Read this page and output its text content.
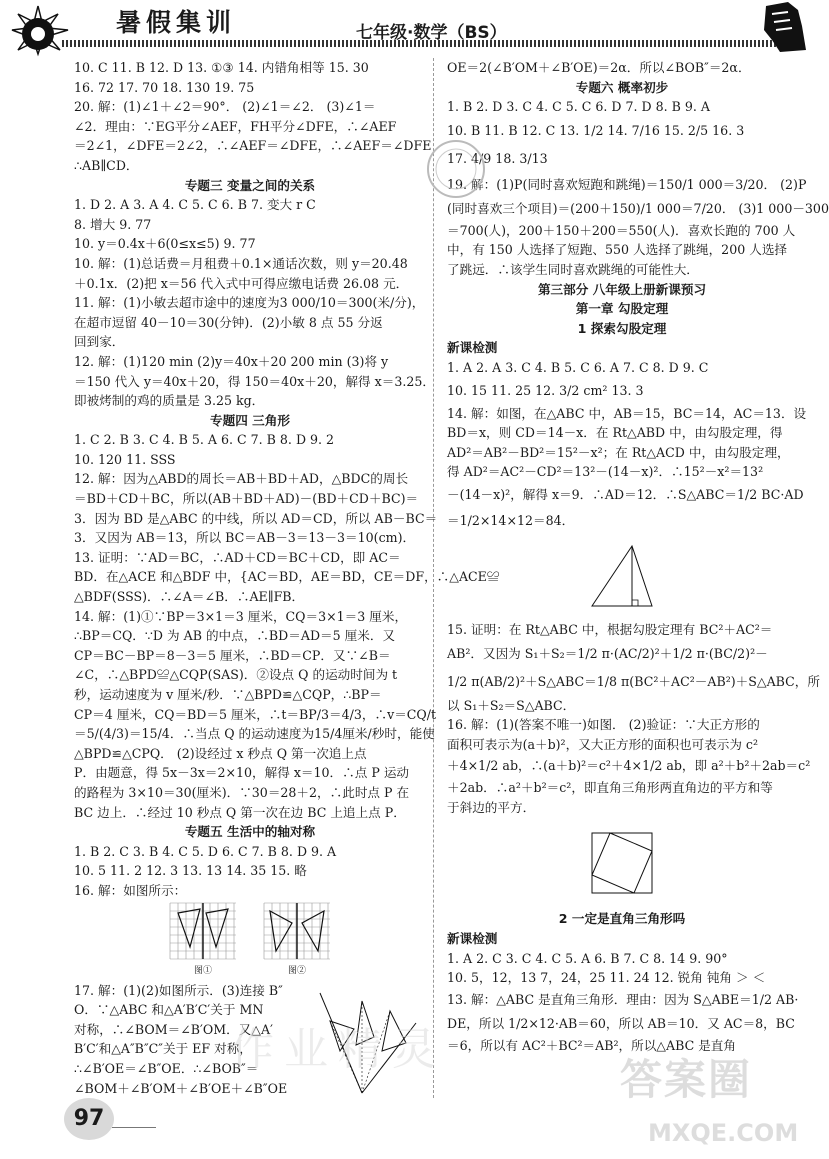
暑假集训	七年级·数学（BS）
10. C 11. B 12. D 13. ①③ 14. 内错角相等 15. 30
16. 72 17. 70 18. 130 19. 75
20. 解：(1)∠1＋∠2＝90°． (2)∠1＝∠2． (3)∠1＝
∠2．理由：∵EG平分∠AEF，FH平分∠DFE，∴∠AEF
＝2∠1，∠DFE＝2∠2，∴∠AEF＝∠DFE，∴∠AEF＝∠DFE
∴AB∥CD．
专题三 变量之间的关系
1. D 2. A 3. A 4. C 5. C 6. B 7. 变大 r C
8. 增大 9. 77
10. y＝0.4x＋6(0≤x≤5) 9. 77
10. 解：(1)总话费＝月租费＋0.1×通话次数，则 y＝20.48
＋0.1x．(2)把 x＝56 代入式中可得应缴电话费 26.08 元．
11. 解：(1)小敏去超市途中的速度为3 000/10＝300(米/分)，
在超市逗留 40－10＝30(分钟)．(2)小敏 8 点 55 分返
回到家．
12. 解：(1)120 min (2)y＝40x＋20 200 min (3)将 y
＝150 代入 y＝40x＋20，得 150＝40x＋20，解得 x＝3.25．
即被烤制的鸡的质量是 3.25 kg．
专题四 三角形
1. C 2. B 3. C 4. B 5. A 6. C 7. B 8. D 9. 2
10. 120 11. SSS
12. 解：因为△ABD的周长＝AB＋BD＋AD，△BDC的周长
＝BD＋CD＋BC，所以(AB＋BD＋AD)－(BD＋CD＋BC)＝
3．因为 BD 是△ABC 的中线，所以 AD＝CD，所以 AB－BC＝
3．又因为 AB＝13，所以 BC＝AB－3＝13－3＝10(cm)．
13. 证明：∵AD＝BC，∴AD＋CD＝BC＋CD，即 AC＝
BD．在△ACE 和△BDF 中，{AC＝BD，AE＝BD，CE＝DF，∴△ACE≌
△BDF(SSS)．∴∠A＝∠B．∴AE∥FB．
14. 解：(1)①∵BP＝3×1＝3 厘米，CQ＝3×1＝3 厘米，
∴BP＝CQ．∵D 为 AB 的中点，∴BD＝AD＝5 厘米．又
CP＝BC－BP＝8－3＝5 厘米，∴BD＝CP．又∵∠B＝
∠C，∴△BPD≌△CQP(SAS)．②设点 Q 的运动时间为 t
秒，运动速度为 v 厘米/秒．∵△BPD≌△CQP，∴BP＝
CP＝4 厘米，CQ＝BD＝5 厘米，∴t＝BP/3＝4/3，∴v＝CQ/t
＝5/(4/3)＝15/4．∴当点 Q 的运动速度为15/4厘米/秒时，能使
△BPD≌△CPQ． (2)设经过 x 秒点 Q 第一次追上点
P．由题意，得 5x－3x＝2×10，解得 x＝10．∴点 P 运动
的路程为 3×10＝30(厘米)．∵30＝28＋2，∴此时点 P 在
BC 边上．∴经过 10 秒点 Q 第一次在边 BC 上追上点 P．
专题五 生活中的轴对称
1. B 2. C 3. B 4. C 5. D 6. C 7. B 8. D 9. A
10. 5 11. 2 12. 3 13. 13 14. 35 15. 略
16. 解：如图所示：
图①	图②
17. 解：(1)(2)如图所示．(3)连接 B″
O．∵△ABC 和△A′B′C′关于 MN
对称，∴∠BOM＝∠B′OM．又△A′
B′C′和△A″B″C″关于 EF 对称，
∴∠B′OE＝∠B″OE．∴∠BOB″＝
∠BOM＋∠B′OM＋∠B′OE＋∠B″OE
OE＝2(∠B′OM＋∠B′OE)＝2α．所以∠BOB″＝2α．
专题六 概率初步
1. B 2. D 3. C 4. C 5. C 6. D 7. D 8. B 9. A
10. B 11. B 12. C 13. 1/2 14. 7/16 15. 2/5 16. 3
17. 4/9 18. 3/13
19. 解：(1)P(同时喜欢短跑和跳绳)＝150/1 000＝3/20． (2)P
(同时喜欢三个项目)＝(200＋150)/1 000＝7/20． (3)1 000－300
＝700(人)，200＋150＋200＝550(人)．喜欢长跑的 700 人
中，有 150 人选择了短跑、550 人选择了跳绳，200 人选择
了跳远．∴该学生同时喜欢跳绳的可能性大．
第三部分 八年级上册新课预习
第一章 勾股定理
1 探索勾股定理
新课检测
1. A 2. A 3. C 4. B 5. C 6. A 7. C 8. D 9. C
10. 15 11. 25 12. 3/2 cm² 13. 3
14. 解：如图，在△ABC 中，AB＝15，BC＝14，AC＝13．设
BD＝x，则 CD＝14－x．在 Rt△ABD 中，由勾股定理，得
AD²＝AB²－BD²＝15²－x²；在 Rt△ACD 中，由勾股定理，
得 AD²＝AC²－CD²＝13²－(14－x)²．∴15²－x²＝13²
－(14－x)²，解得 x＝9．∴AD＝12．∴S△ABC＝1/2 BC·AD
＝1/2×14×12＝84．
15. 证明：在 Rt△ABC 中，根据勾股定理有 BC²＋AC²＝
AB²．又因为 S₁＋S₂＝1/2 π·(AC/2)²＋1/2 π·(BC/2)²－
1/2 π(AB/2)²＋S△ABC＝1/8 π(BC²＋AC²－AB²)＋S△ABC，所
以 S₁＋S₂＝S△ABC．
16. 解：(1)(答案不唯一)如图． (2)验证：∵大正方形的
面积可表示为(a＋b)²，又大正方形的面积也可表示为 c²
＋4×1/2 ab，∴(a＋b)²＝c²＋4×1/2 ab，即 a²＋b²＋2ab＝c²
＋2ab．∴a²＋b²＝c²，即直角三角形两直角边的平方和等
于斜边的平方．
2 一定是直角三角形吗
新课检测
1. A 2. C 3. C 4. C 5. A 6. B 7. C 8. 14 9. 90°
10. 5，12，13 7，24，25 11. 24 12. 锐角 钝角 ＞ ＜
13. 解：△ABC 是直角三角形．理由：因为 S△ABE＝1/2 AB·
DE，所以 1/2×12·AB＝60，所以 AB＝10．又 AC＝8，BC
＝6，所以有 AC²＋BC²＝AB²，所以△ABC 是直角
作业精灵
97
答案圈
MXQE.COM
